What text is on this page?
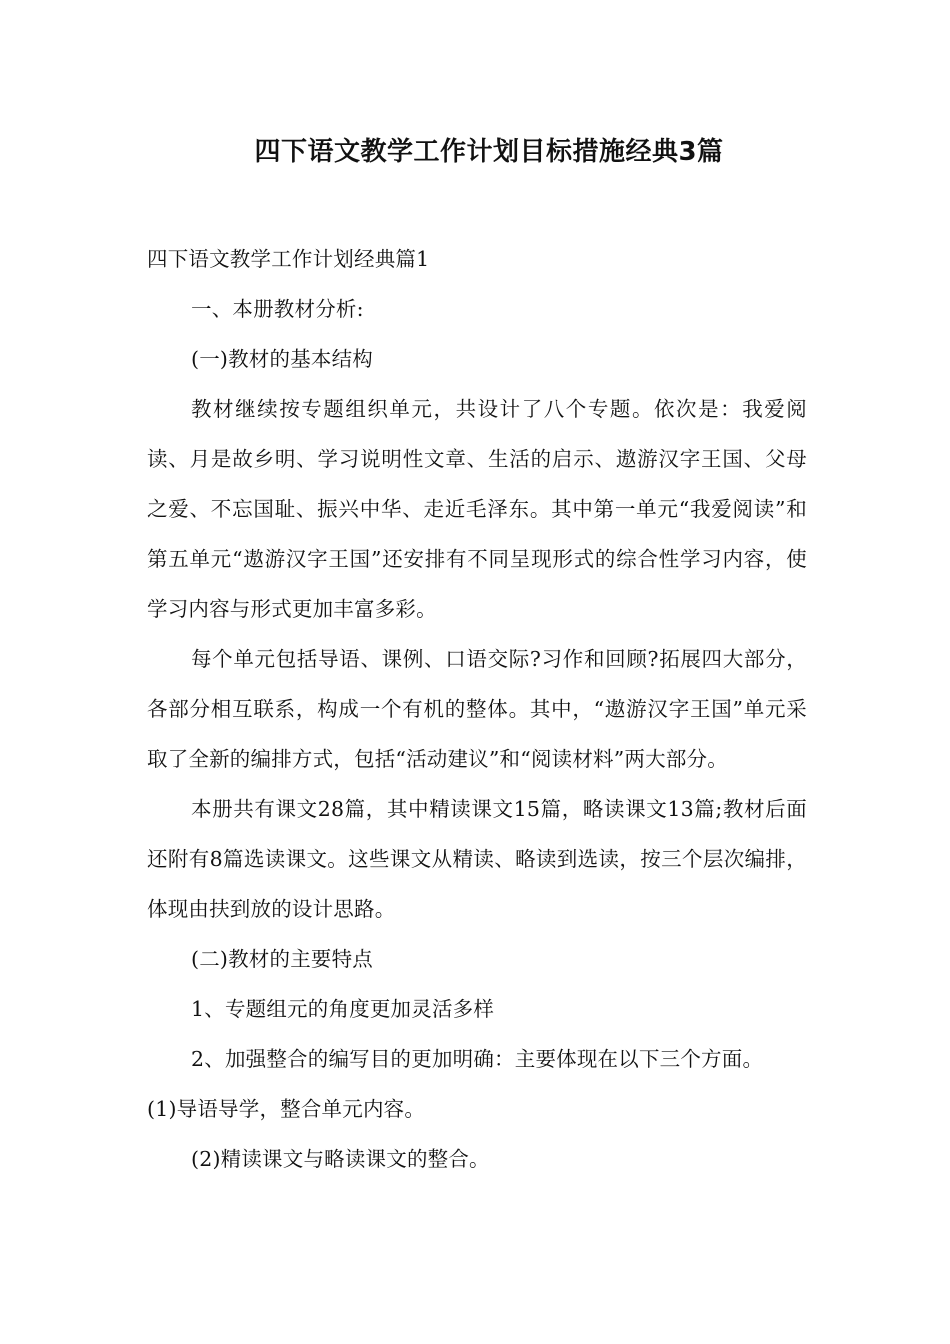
四下语文教学工作计划目标措施经典3篇

四下语文教学工作计划经典篇1

一、本册教材分析:

(一)教材的基本结构

教材继续按专题组织单元，共设计了八个专题。依次是：我爱阅读、月是故乡明、学习说明性文章、生活的启示、遨游汉字王国、父母之爱、不忘国耻、振兴中华、走近毛泽东。其中第一单元“我爱阅读”和第五单元“遨游汉字王国”还安排有不同呈现形式的综合性学习内容，使学习内容与形式更加丰富多彩。

每个单元包括导语、课例、口语交际?习作和回顾?拓展四大部分，各部分相互联系，构成一个有机的整体。其中，“遨游汉字王国”单元采取了全新的编排方式，包括“活动建议”和“阅读材料”两大部分。

本册共有课文28篇，其中精读课文15篇，略读课文13篇;教材后面还附有8篇选读课文。这些课文从精读、略读到选读，按三个层次编排，体现由扶到放的设计思路。

(二)教材的主要特点

1、专题组元的角度更加灵活多样

2、加强整合的编写目的更加明确：主要体现在以下三个方面。

(1)导语导学，整合单元内容。

(2)精读课文与略读课文的整合。
